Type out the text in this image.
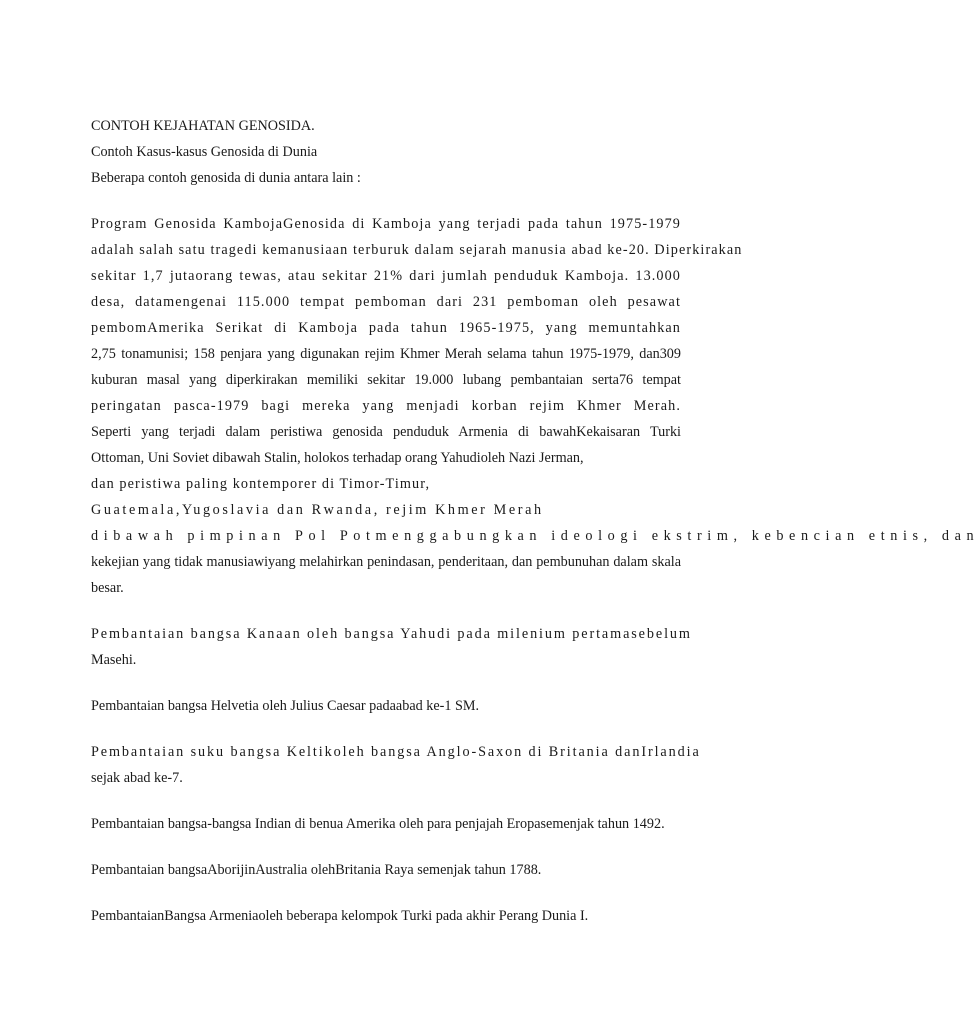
CONTOH KEJAHATAN GENOSIDA.
Contoh Kasus-kasus Genosida di Dunia
Beberapa contoh genosida di dunia antara lain :
Program Genosida KambojaGenosida di Kamboja yang terjadi pada tahun 1975-1979
adalah salah satu tragedi kemanusiaan terburuk dalam sejarah manusia abad ke-20. Diperkirakan
sekitar 1,7 jutaorang tewas, atau sekitar 21% dari jumlah penduduk Kamboja. 13.000
desa, datamengenai 115.000 tempat pemboman dari 231 pemboman oleh pesawat
pembomAmerika Serikat di Kamboja pada tahun 1965-1975, yang memuntahkan
2,75 tonamunisi; 158 penjara yang digunakan rejim Khmer Merah selama tahun 1975-1979, dan309
kuburan masal yang diperkirakan memiliki sekitar 19.000 lubang pembantaian serta76 tempat
peringatan pasca-1979 bagi mereka yang menjadi korban rejim Khmer Merah.
Seperti yang terjadi dalam peristiwa genosida penduduk Armenia di bawahKekaisaran Turki
Ottoman, Uni Soviet dibawah Stalin, holokos terhadap orang Yahudioleh Nazi Jerman,
dan peristiwa paling kontemporer di Timor-Timur,
Guatemala,Yugoslavia dan Rwanda, rejim Khmer Merah
dibawah pimpinan Pol Potmenggabungkan ideologi ekstrim, kebencian etnis, dan
kekejian yang tidak manusiawiyang melahirkan penindasan, penderitaan, dan pembunuhan dalam skala
besar.
Pembantaian bangsa Kanaan oleh bangsa Yahudi pada milenium pertamasebelum
Masehi.
Pembantaian bangsa Helvetia oleh Julius Caesar padaabad ke-1 SM.
Pembantaian suku bangsa Keltikoleh bangsa Anglo-Saxon di Britania danIrlandia
sejak abad ke-7.
Pembantaian bangsa-bangsa Indian di benua Amerika oleh para penjajah Eropasemenjak tahun 1492.
Pembantaian bangsaAborijinAustralia olehBritania Raya semenjak tahun 1788.
PembantaianBangsa Armeniaoleh beberapa kelompok Turki pada akhir Perang Dunia I.
